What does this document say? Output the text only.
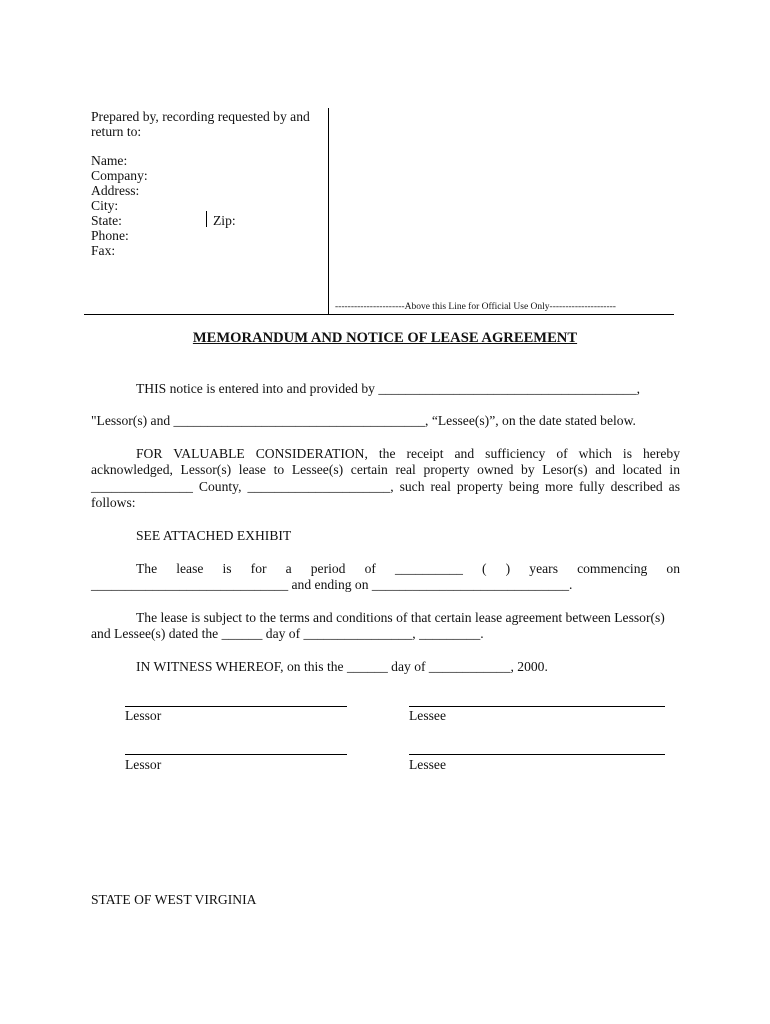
Prepared by, recording requested by and
return to:
Name:
Company:
Address:
City:
State:	Zip:
Phone:
Fax:
----------------------Above this Line for Official Use Only---------------------
MEMORANDUM AND NOTICE OF LEASE AGREEMENT
THIS notice is entered into and provided by ______________________________________,
"Lessor(s) and _____________________________________, “Lessee(s)”, on the date stated below.
FOR VALUABLE CONSIDERATION, the receipt and sufficiency of which is hereby
acknowledged, Lessor(s) lease to Lessee(s) certain real property owned by Lesor(s) and located in
_______________ County, _____________________, such real property being more fully described as
follows:
SEE ATTACHED EXHIBIT
The lease is for a period of __________ ( ) years commencing on
_____________________________ and ending on _____________________________.
The lease is subject to the terms and conditions of that certain lease agreement between Lessor(s)
and Lessee(s) dated the ______ day of ________________, _________.
IN WITNESS WHEREOF, on this the ______ day of ____________, 2000.
Lessor	Lessee
Lessor	Lessee
STATE OF WEST VIRGINIA
